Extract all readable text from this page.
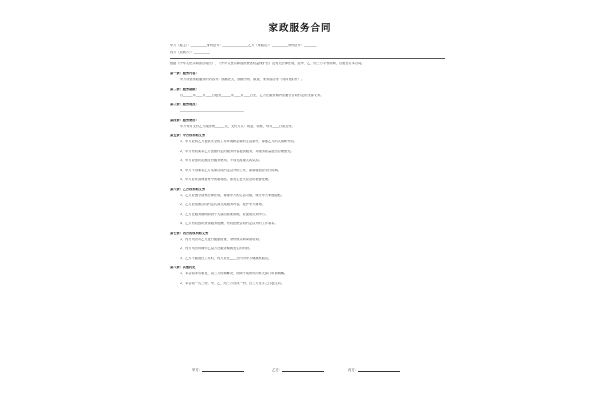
家政服务合同
甲方（雇主）：__________身份证号：________________乙方（家政员）：__________身份证号：________
丙方（居间方）：__________
根据《中华人民共和国合同法》、《中华人民共和国消费者权益保护法》及有关法律法规，经甲、乙、丙三方平等协商，自愿签订本合同。
第一条：服务内容：
甲方所需家政服务的内容为：照顾老人、照顾小孩、做饭、家务清洁等（具体见附件）。
第二条：服务期限：
自______年____月____日起至______年____月____日止，乙方在服务期内应履行合同约定的全部义务。
第三条：服务地点：
________________________________________
第四条：服务费用：
甲方每月支付乙方服务费______元，支付方式：现金、转账，每月____日前支付。
第五条：甲方权利和义务
1、甲方应向乙方提供安全的工作环境和必要的生活条件，尊重乙方的人格和劳动。
2、甲方有权要求乙方按照约定的服务内容提供服务，对服务质量提出合理意见。
3、甲方应按时足额支付服务费用，不得无故拖欠或克扣。
4、甲方不得要求乙方从事合同约定以外的工作，如需增加应另行协商。
5、甲方应妥善保管家中贵重物品，如发生丢失应及时报警处理。
第六条：乙方权利和义务
1、乙方应遵守国家法律法规，尊重甲方的生活习惯，保守甲方家庭隐私。
2、乙方应按照合同约定认真完成服务内容，爱护甲方财物。
3、乙方在服务期间如因个人原因需要请假，应提前告知甲方。
4、乙方有权按时获得服务报酬，有权拒绝合同约定以外的工作要求。
第七条：丙方的权利和义务
1、丙方负责对乙方进行健康检查、身份核实和岗前培训。
2、丙方负责协调甲乙双方在服务期间发生的纠纷。
3、乙方不能胜任工作时，丙方应在____日内为甲方调换家政员。
第八条：其他约定
1、本合同未尽事宜，由三方协商解决，协商不成的可向有关部门申请调解。
2、本合同一式三份，甲、乙、丙三方各执一份，自三方签字之日起生效。
甲方：	乙方：	丙方：
